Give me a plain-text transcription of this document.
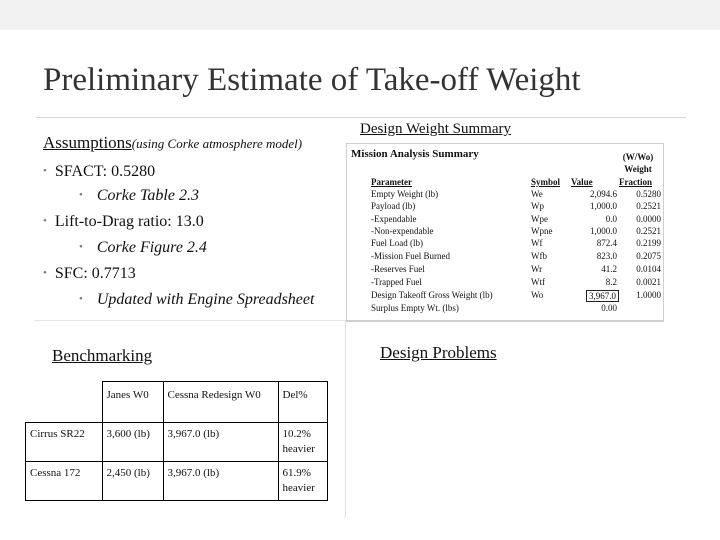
Preliminary Estimate of Take-off Weight
Assumptions(using Corke atmosphere model)
• SFACT: 0.5280
• Corke Table 2.3
• Lift-to-Drag ratio: 13.0
• Corke Figure 2.4
• SFC: 0.7713
• Updated with Engine Spreadsheet
Design Weight Summary
Mission Analysis Summary	(W/Wo)
Weight
Parameter	Symbol Value	Fraction
Empty Weight (lb)	We	2,094.6 0.5280
Payload (lb)	Wp	1,000.0 0.2521
-Expendable	Wpe	0.0 0.0000
-Non-expendable	Wpne	1,000.0 0.2521
Fuel Load (lb)	Wf	872.4 0.2199
-Mission Fuel Burned	Wfb	823.0 0.2075
-Reserves Fuel	Wr	41.2 0.0104
-Trapped Fuel	Wtf	8.2 0.0021
Design Takeoff Gross Weight (lb)	Wo	3,967.0	1.0000
Surplus Empty Wt. (lbs)	0.00
Benchmarking	Design Problems
	Janes W0	Cessna Redesign W0	Del%
Cirrus SR22	3,600 (lb)	3,967.0 (lb)	10.2% heavier
Cessna 172	2,450 (lb)	3,967.0 (lb)	61.9% heavier
